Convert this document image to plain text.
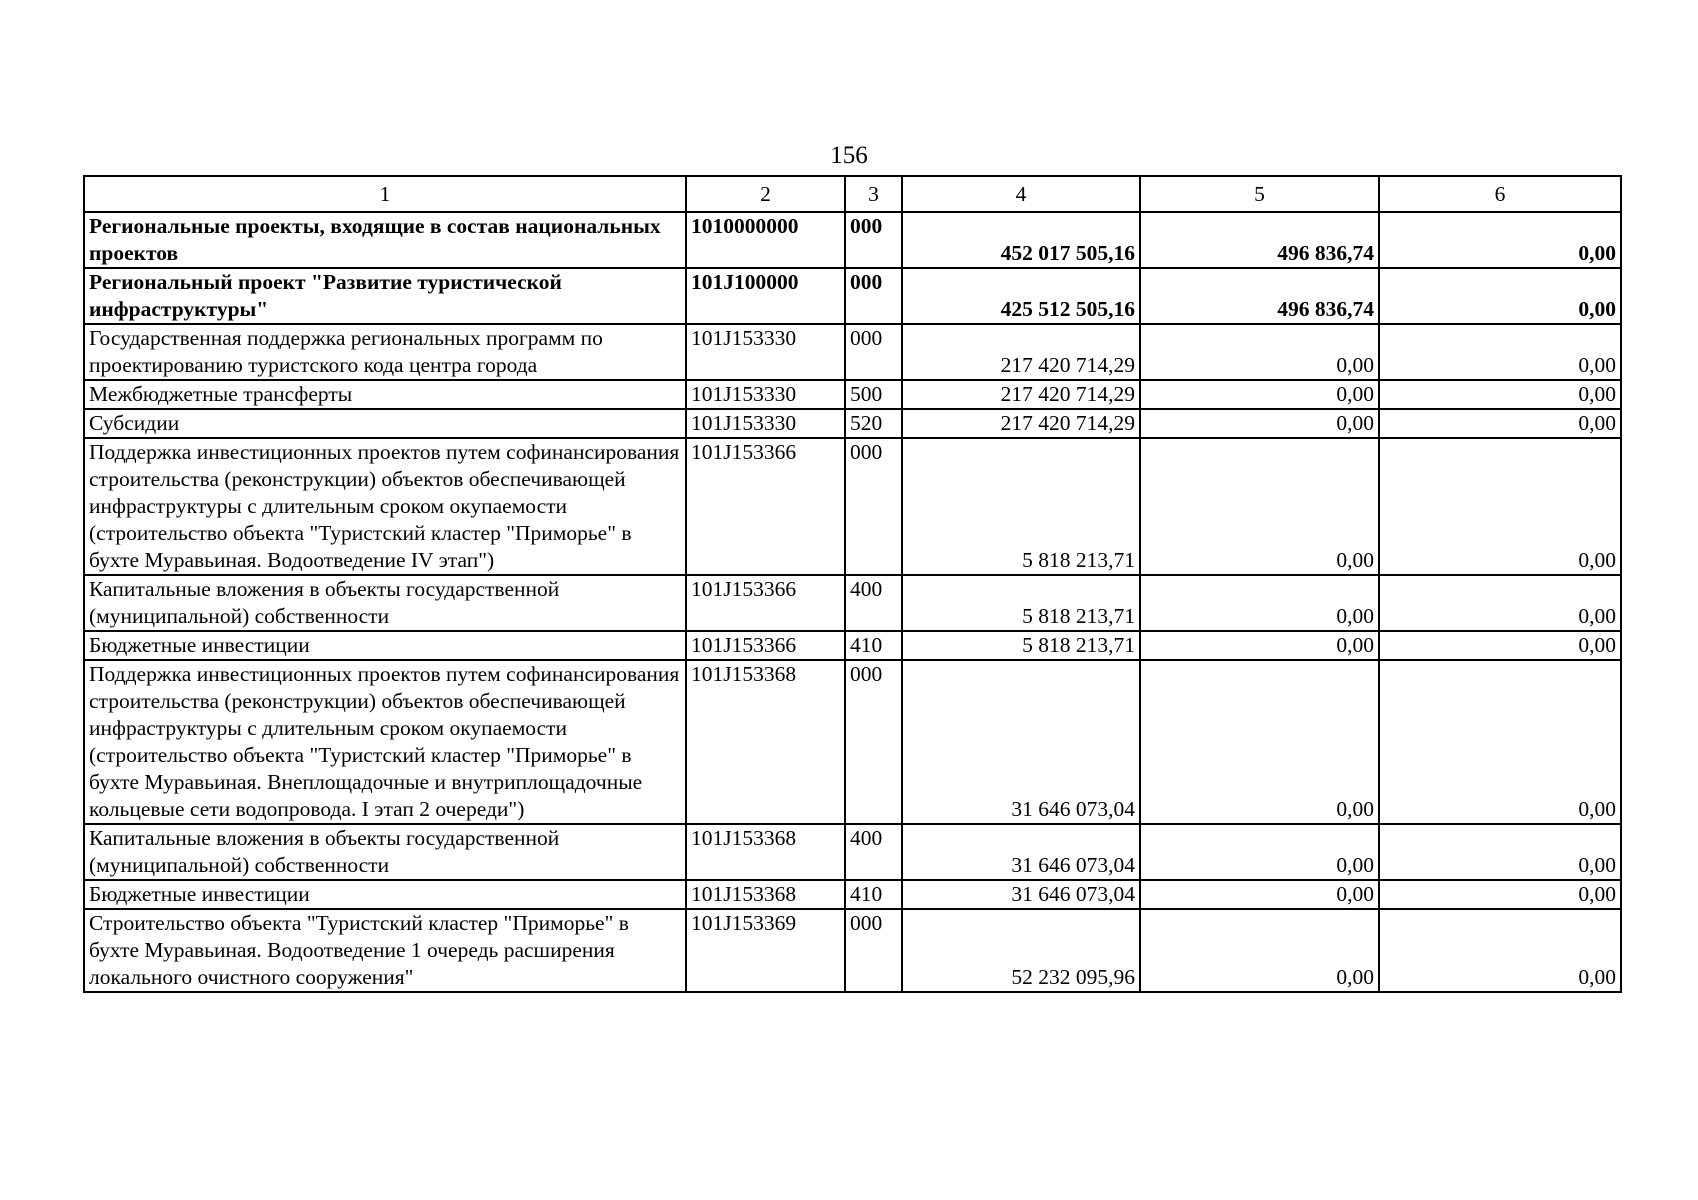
156
1	2	3	4	5	6
Региональные проекты, входящие в состав национальных проектов	1010000000	000	452 017 505,16	496 836,74	0,00
Региональный проект "Развитие туристической инфраструктуры"	101J100000	000	425 512 505,16	496 836,74	0,00
Государственная поддержка региональных программ по проектированию туристского кода центра города	101J153330	000	217 420 714,29	0,00	0,00
Межбюджетные трансферты	101J153330	500	217 420 714,29	0,00	0,00
Субсидии	101J153330	520	217 420 714,29	0,00	0,00
Поддержка инвестиционных проектов путем софинансирования строительства (реконструкции) объектов обеспечивающей инфраструктуры с длительным сроком окупаемости (строительство объекта "Туристский кластер "Приморье" в бухте Муравьиная. Водоотведение IV этап")	101J153366	000	5 818 213,71	0,00	0,00
Капитальные вложения в объекты государственной (муниципальной) собственности	101J153366	400	5 818 213,71	0,00	0,00
Бюджетные инвестиции	101J153366	410	5 818 213,71	0,00	0,00
Поддержка инвестиционных проектов путем софинансирования строительства (реконструкции) объектов обеспечивающей инфраструктуры с длительным сроком окупаемости (строительство объекта "Туристский кластер "Приморье" в бухте Муравьиная. Внеплощадочные и внутриплощадочные кольцевые сети водопровода. I этап 2 очереди")	101J153368	000	31 646 073,04	0,00	0,00
Капитальные вложения в объекты государственной (муниципальной) собственности	101J153368	400	31 646 073,04	0,00	0,00
Бюджетные инвестиции	101J153368	410	31 646 073,04	0,00	0,00
Строительство объекта "Туристский кластер "Приморье" в бухте Муравьиная. Водоотведение 1 очередь расширения локального очистного сооружения"	101J153369	000	52 232 095,96	0,00	0,00
